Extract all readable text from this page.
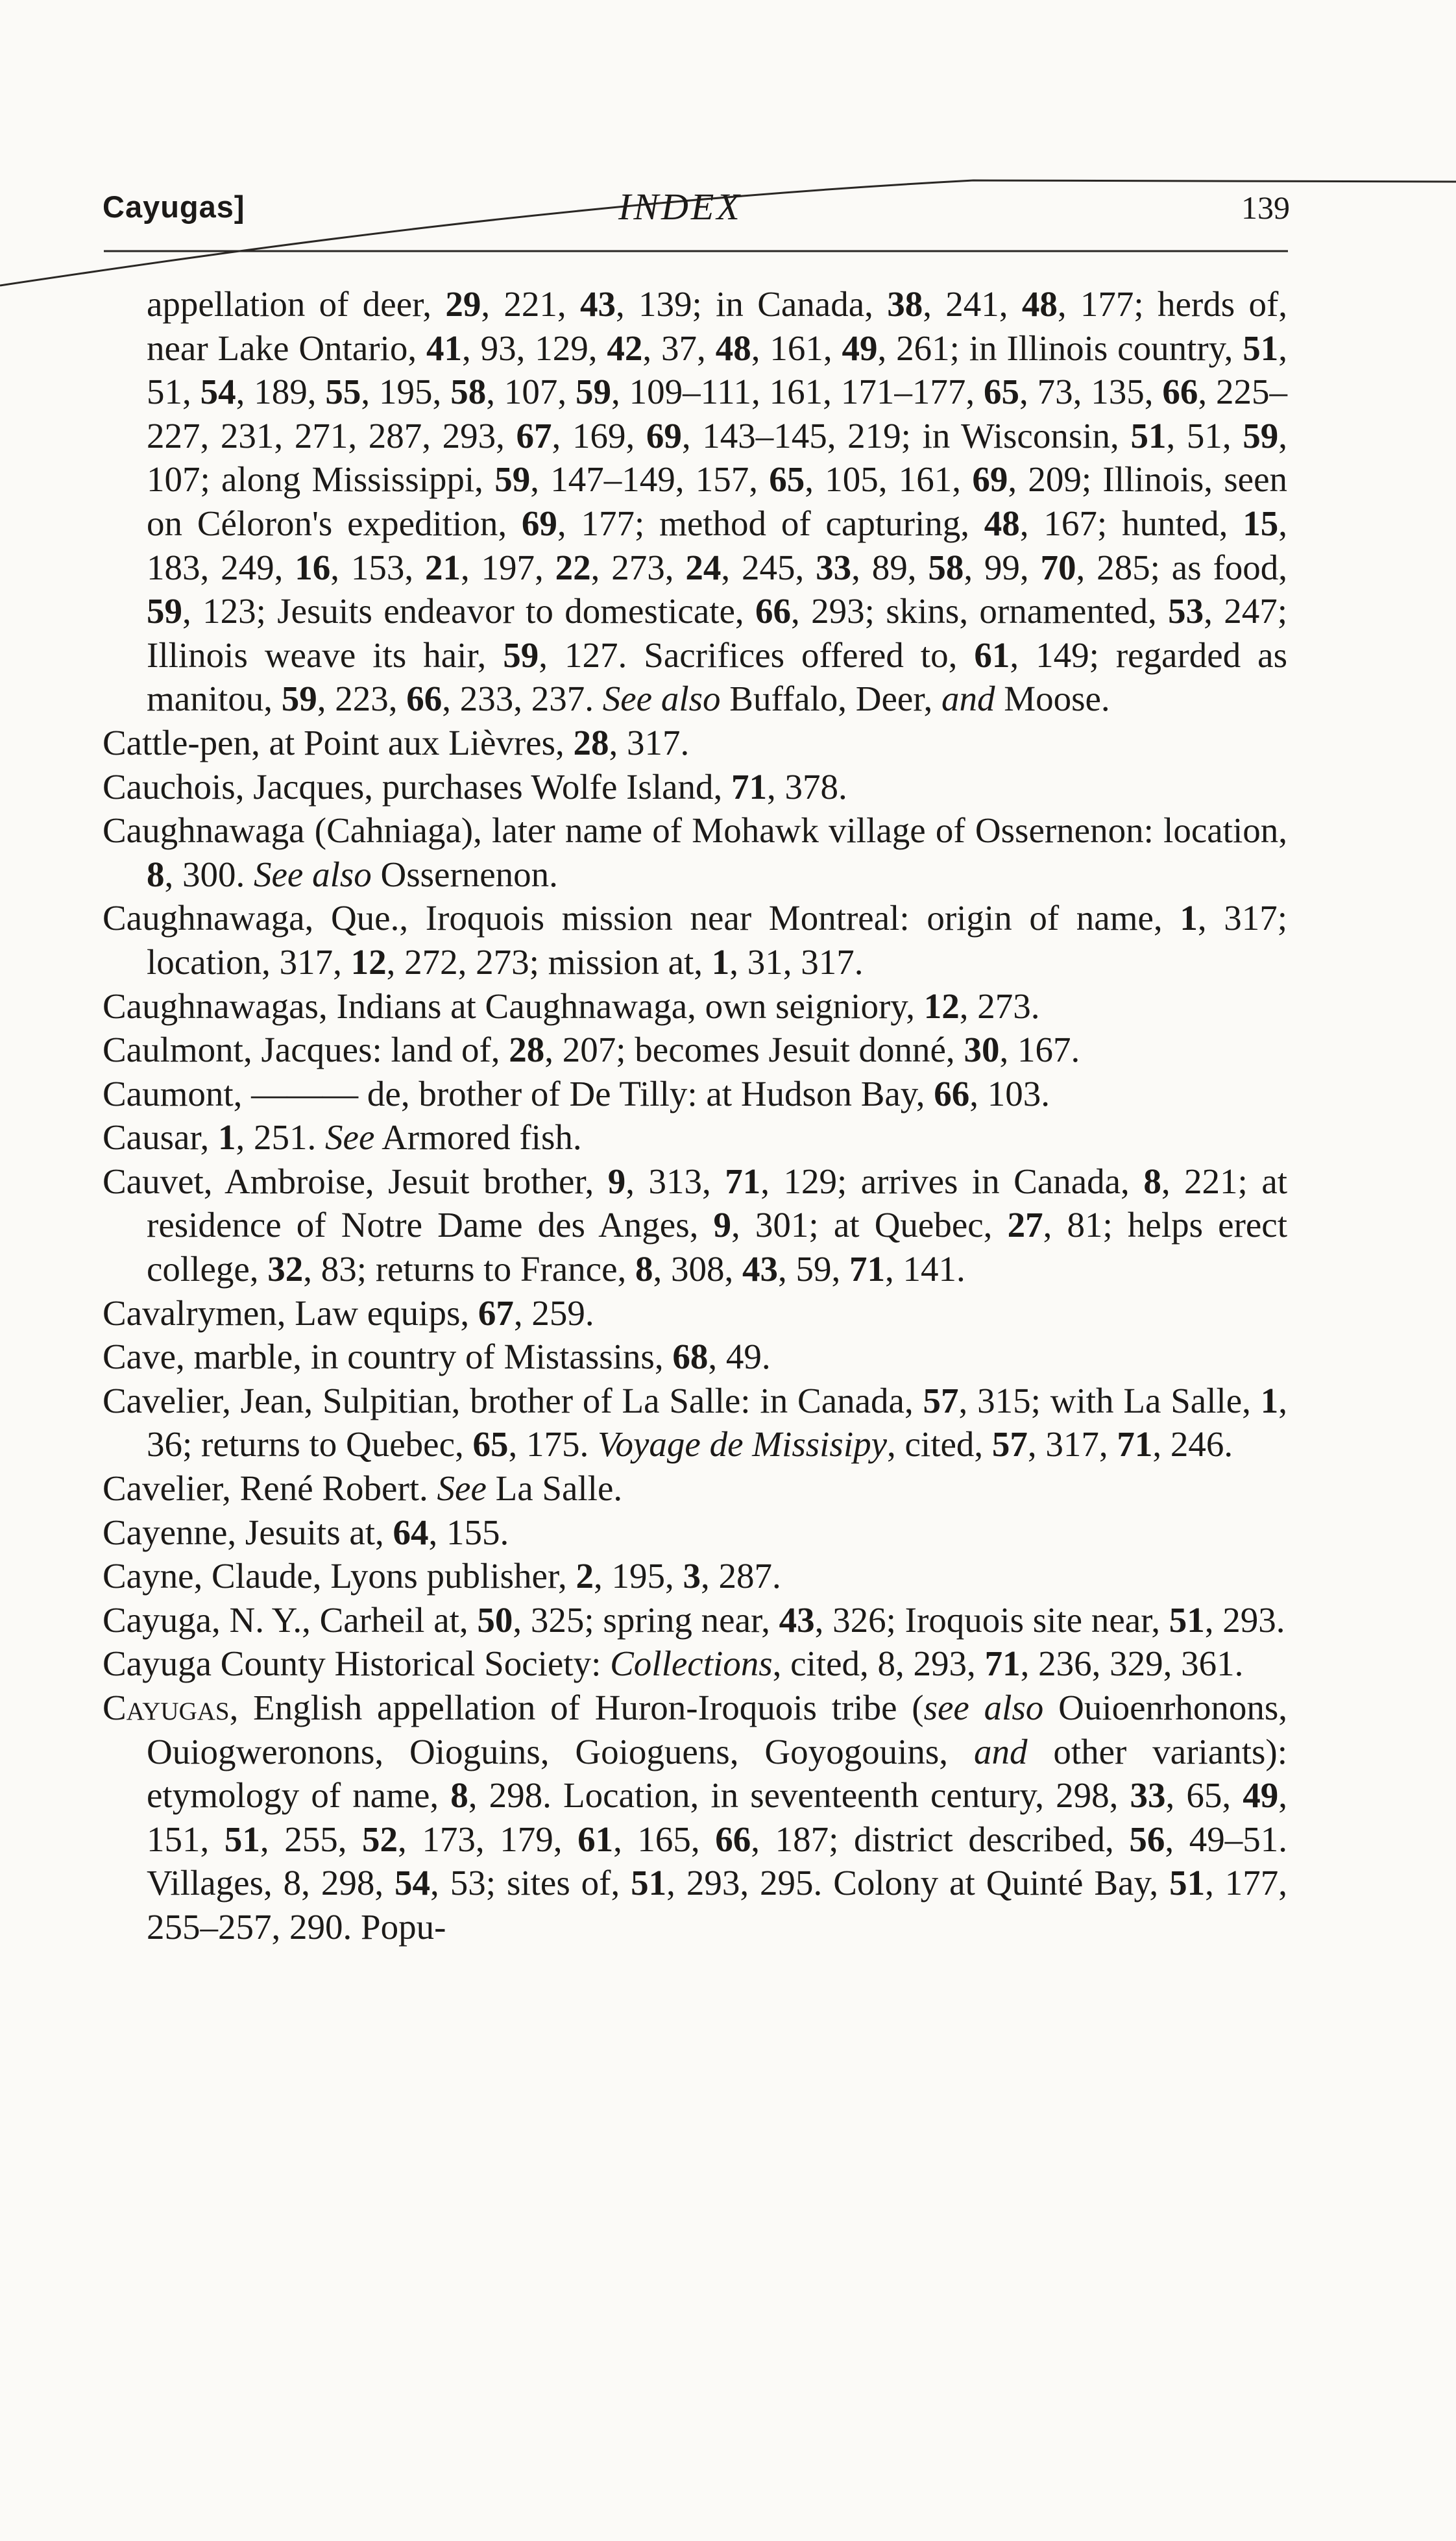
Cayugas]	INDEX	139
appellation of deer, 29, 221, 43, 139; in Canada, 38, 241, 48, 177; herds of, near Lake Ontario, 41, 93, 129, 42, 37, 48, 161, 49, 261; in Illinois country, 51, 51, 54, 189, 55, 195, 58, 107, 59, 109–111, 161, 171–177, 65, 73, 135, 66, 225–227, 231, 271, 287, 293, 67, 169, 69, 143–145, 219; in Wisconsin, 51, 51, 59, 107; along Mississippi, 59, 147–149, 157, 65, 105, 161, 69, 209; Illinois, seen on Céloron's expedition, 69, 177; method of capturing, 48, 167; hunted, 15, 183, 249, 16, 153, 21, 197, 22, 273, 24, 245, 33, 89, 58, 99, 70, 285; as food, 59, 123; Jesuits endeavor to domesticate, 66, 293; skins, ornamented, 53, 247; Illinois weave its hair, 59, 127. Sacrifices offered to, 61, 149; regarded as manitou, 59, 223, 66, 233, 237. See also Buffalo, Deer, and Moose.
Cattle-pen, at Point aux Lièvres, 28, 317.
Cauchois, Jacques, purchases Wolfe Island, 71, 378.
Caughnawaga (Cahniaga), later name of Mohawk village of Ossernenon: location, 8, 300. See also Ossernenon.
Caughnawaga, Que., Iroquois mission near Montreal: origin of name, 1, 317; location, 317, 12, 272, 273; mission at, 1, 31, 317.
Caughnawagas, Indians at Caughnawaga, own seigniory, 12, 273.
Caulmont, Jacques: land of, 28, 207; becomes Jesuit donné, 30, 167.
Caumont, ——— de, brother of De Tilly: at Hudson Bay, 66, 103.
Causar, 1, 251. See Armored fish.
Cauvet, Ambroise, Jesuit brother, 9, 313, 71, 129; arrives in Canada, 8, 221; at residence of Notre Dame des Anges, 9, 301; at Quebec, 27, 81; helps erect college, 32, 83; returns to France, 8, 308, 43, 59, 71, 141.
Cavalrymen, Law equips, 67, 259.
Cave, marble, in country of Mistassins, 68, 49.
Cavelier, Jean, Sulpitian, brother of La Salle: in Canada, 57, 315; with La Salle, 1, 36; returns to Quebec, 65, 175. Voyage de Missisipy, cited, 57, 317, 71, 246.
Cavelier, René Robert. See La Salle.
Cayenne, Jesuits at, 64, 155.
Cayne, Claude, Lyons publisher, 2, 195, 3, 287.
Cayuga, N. Y., Carheil at, 50, 325; spring near, 43, 326; Iroquois site near, 51, 293.
Cayuga County Historical Society: Collections, cited, 8, 293, 71, 236, 329, 361.
Cayugas, English appellation of Huron-Iroquois tribe (see also Ouioenrhonons, Ouiogweronons, Oioguins, Goioguens, Goyogouins, and other variants): etymology of name, 8, 298. Location, in seventeenth century, 298, 33, 65, 49, 151, 51, 255, 52, 173, 179, 61, 165, 66, 187; district described, 56, 49–51. Villages, 8, 298, 54, 53; sites of, 51, 293, 295. Colony at Quinté Bay, 51, 177, 255–257, 290. Popu-
